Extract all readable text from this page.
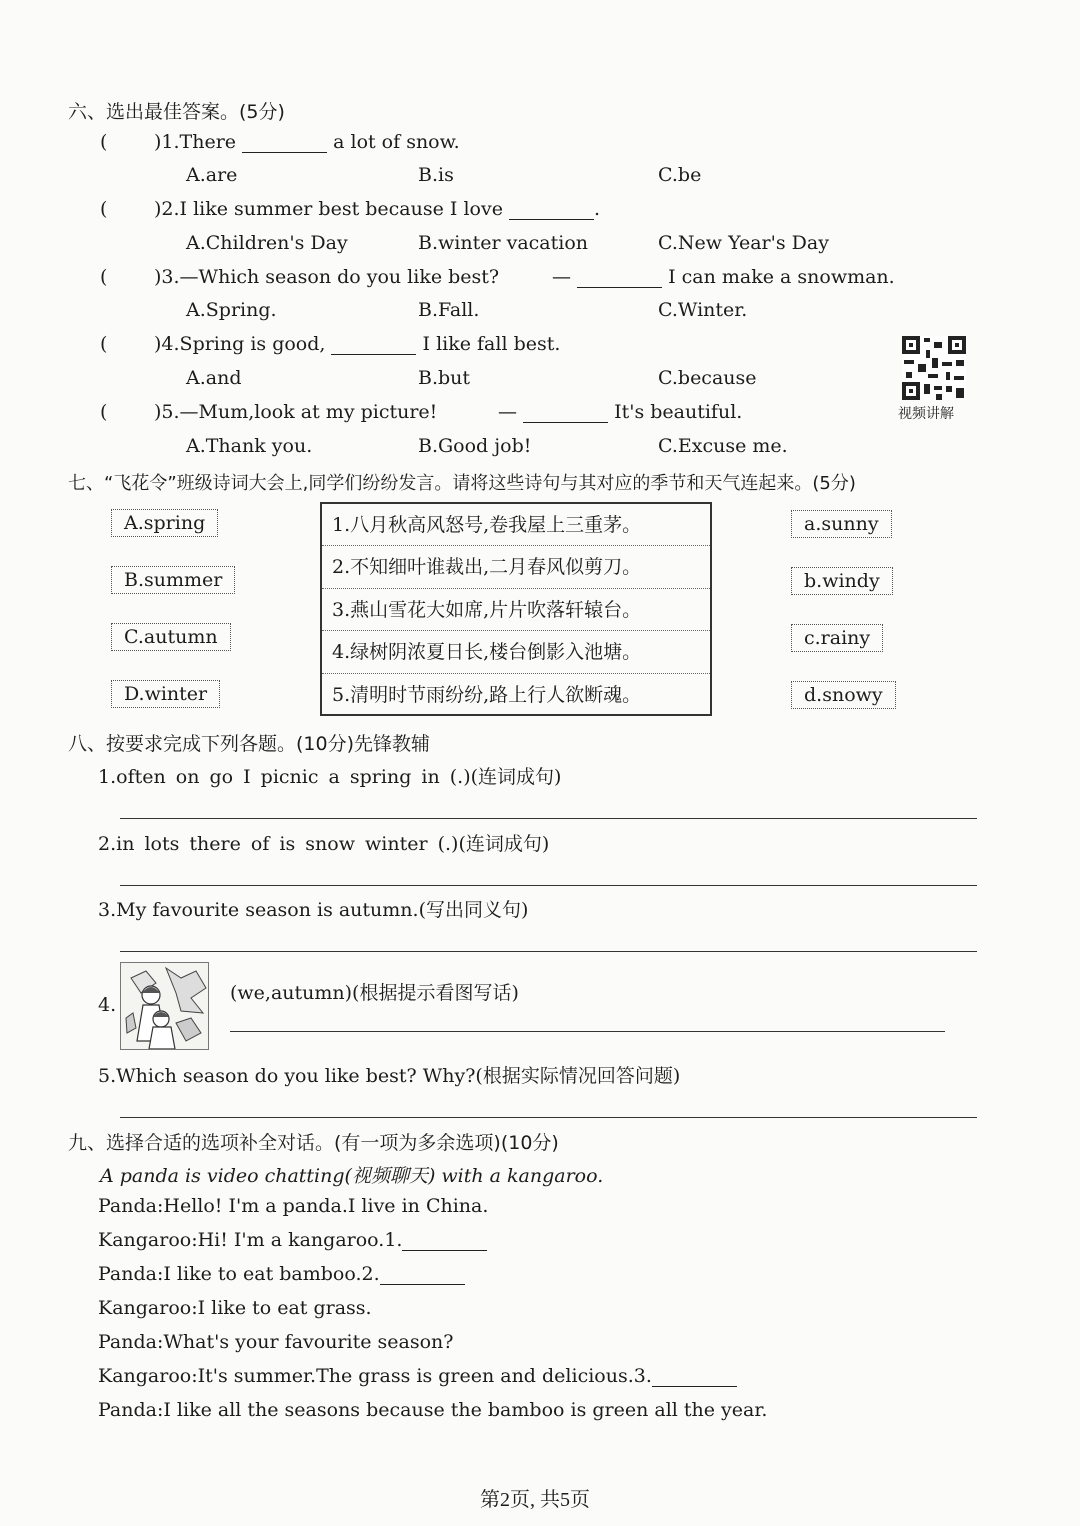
六、选出最佳答案。(5分)
( )1.There	a lot of snow.
A.are	B.is	C.be
( )2.I like summer best because I love	.
A.Children's Day	B.winter vacation	C.New Year's Day
( )3.—Which season do you like best?	—	I can make a snowman.
A.Spring.	B.Fall.	C.Winter.
( )4.Spring is good,	I like fall best.
A.and	B.but	C.because
视频讲解
( )5.—Mum,look at my picture!	—	It's beautiful.
A.Thank you.	B.Good job!	C.Excuse me.
七、“飞花令”班级诗词大会上,同学们纷纷发言。请将这些诗句与其对应的季节和天气连起来。(5分)
A.spring
B.summer
C.autumn
D.winter
1.八月秋高风怒号,卷我屋上三重茅。
2.不知细叶谁裁出,二月春风似剪刀。
3.燕山雪花大如席,片片吹落轩辕台。
4.绿树阴浓夏日长,楼台倒影入池塘。
5.清明时节雨纷纷,路上行人欲断魂。
a.sunny
b.windy
c.rainy
d.snowy
八、按要求完成下列各题。(10分)先锋教辅
1.often on go I picnic a spring in (.)(连词成句)
2.in lots there of is snow winter (.)(连词成句)
3.My favourite season is autumn.(写出同义句)
4.
(we,autumn)(根据提示看图写话)
5.Which season do you like best? Why?(根据实际情况回答问题)
九、选择合适的选项补全对话。(有一项为多余选项)(10分)
A panda is video chatting(视频聊天) with a kangaroo.
Panda:Hello! I'm a panda.I live in China.
Kangaroo:Hi! I'm a kangaroo.1.
Panda:I like to eat bamboo.2.
Kangaroo:I like to eat grass.
Panda:What's your favourite season?
Kangaroo:It's summer.The grass is green and delicious.3.
Panda:I like all the seasons because the bamboo is green all the year.
第2页, 共5页
